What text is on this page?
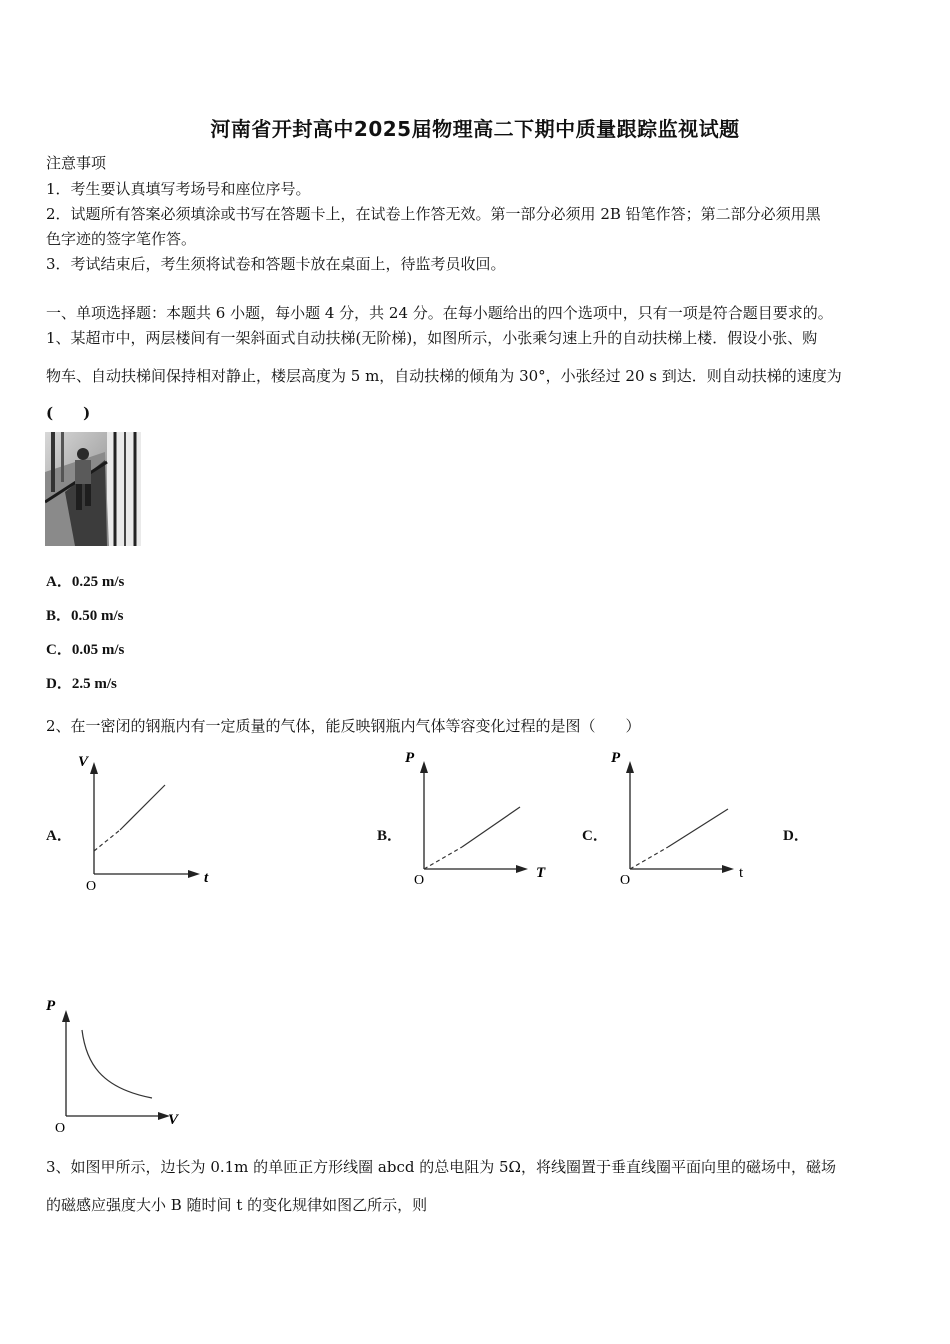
河南省开封高中2025届物理高二下期中质量跟踪监视试题
注意事项
1．考生要认真填写考场号和座位序号。
2．试题所有答案必须填涂或书写在答题卡上，在试卷上作答无效。第一部分必须用 2B 铅笔作答；第二部分必须用黑
色字迹的签字笔作答。
3．考试结束后，考生须将试卷和答题卡放在桌面上，待监考员收回。
一、单项选择题：本题共 6 小题，每小题 4 分，共 24 分。在每小题给出的四个选项中，只有一项是符合题目要求的。
1、某超市中，两层楼间有一架斜面式自动扶梯(无阶梯)，如图所示，小张乘匀速上升的自动扶梯上楼．假设小张、购
物车、自动扶梯间保持相对静止，楼层高度为 5 m，自动扶梯的倾角为 30°，小张经过 20 s 到达．则自动扶梯的速度为
(　　)
A．0.25 m/s
B．0.50 m/s
C．0.05 m/s
D．2.5 m/s
2、在一密闭的钢瓶内有一定质量的气体，能反映钢瓶内气体等容变化过程的是图（　　）
A．	B．	C．	D．
V
t
O
P
T
O
P
t
O
P
V
O
3、如图甲所示，边长为 0.1m 的单匝正方形线圈 abcd 的总电阻为 5Ω，将线圈置于垂直线圈平面向里的磁场中，磁场
的磁感应强度大小 B 随时间 t 的变化规律如图乙所示，则
